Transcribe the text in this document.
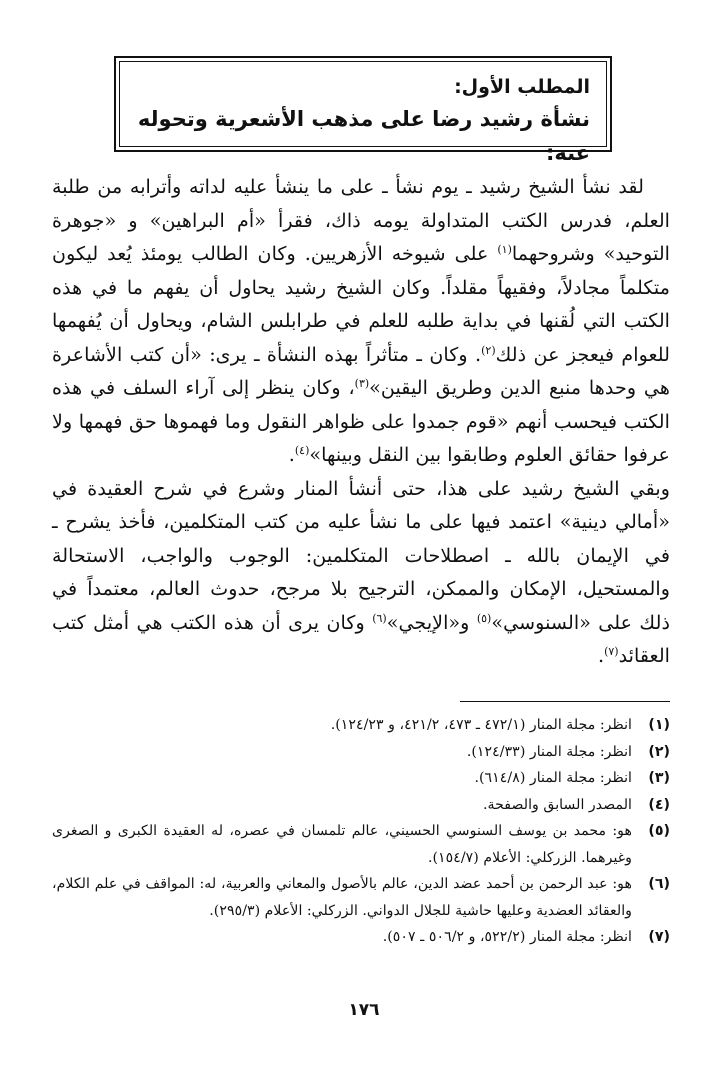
المطلب الأول:
نشأة رشيد رضا على مذهب الأشعرية وتحوله عنه:

لقد نشأ الشيخ رشيد ـ يوم نشأ ـ على ما ينشأ عليه لداته وأترابه من طلبة العلم، فدرس الكتب المتداولة يومه ذاك، فقرأ «أم البراهين» و «جوهرة التوحيد» وشروحهما$^{(١)}$ على شيوخه الأزهريين. وكان الطالب يومئذ يُعد ليكون متكلماً مجادلاً، وفقيهاً مقلداً. وكان الشيخ رشيد يحاول أن يفهم ما في هذه الكتب التي لُقنها في بداية طلبه للعلم في طرابلس الشام، ويحاول أن يُفهمها للعوام فيعجز عن ذلك$^{(٢)}$. وكان ـ متأثراً بهذه النشأة ـ يرى: «أن كتب الأشاعرة هي وحدها منبع الدين وطريق اليقين»$^{(٣)}$، وكان ينظر إلى آراء السلف في هذه الكتب فيحسب أنهم «قوم جمدوا على ظواهر النقول وما فهموها حق فهمها ولا عرفوا حقائق العلوم وطابقوا بين النقل وبينها»$^{(٤)}$.

وبقي الشيخ رشيد على هذا، حتى أنشأ المنار وشرع في شرح العقيدة في «أمالي دينية» اعتمد فيها على ما نشأ عليه من كتب المتكلمين، فأخذ يشرح ـ في الإيمان بالله ـ اصطلاحات المتكلمين: الوجوب والواجب، الاستحالة والمستحيل، الإمكان والممكن، الترجيح بلا مرجح، حدوث العالم، معتمداً في ذلك على «السنوسي»$^{(٥)}$ و«الإيجي»$^{(٦)}$ وكان يرى أن هذه الكتب هي أمثل كتب العقائد$^{(٧)}$.

(١)
انظر: مجلة المنار (٤٧٢/١ ـ ٤٧٣، ٤٢١/٢، و ١٢٤/٢٣).
(٢)
انظر: مجلة المنار (١٢٤/٣٣).
(٣)
انظر: مجلة المنار (٦١٤/٨).
(٤)
المصدر السابق والصفحة.
(٥)
هو: محمد بن يوسف السنوسي الحسيني، عالم تلمسان في عصره، له العقيدة الكبرى و الصغرى وغيرهما. الزركلي: الأعلام (١٥٤/٧).
(٦)
هو: عبد الرحمن بن أحمد عضد الدين، عالم بالأصول والمعاني والعربية، له: المواقف في علم الكلام، والعقائد العضدية وعليها حاشية للجلال الدواني. الزركلي: الأعلام (٢٩٥/٣).
(٧)
انظر: مجلة المنار (٥٢٢/٢، و ٥٠٦/٢ ـ ٥٠٧).
١٧٦
